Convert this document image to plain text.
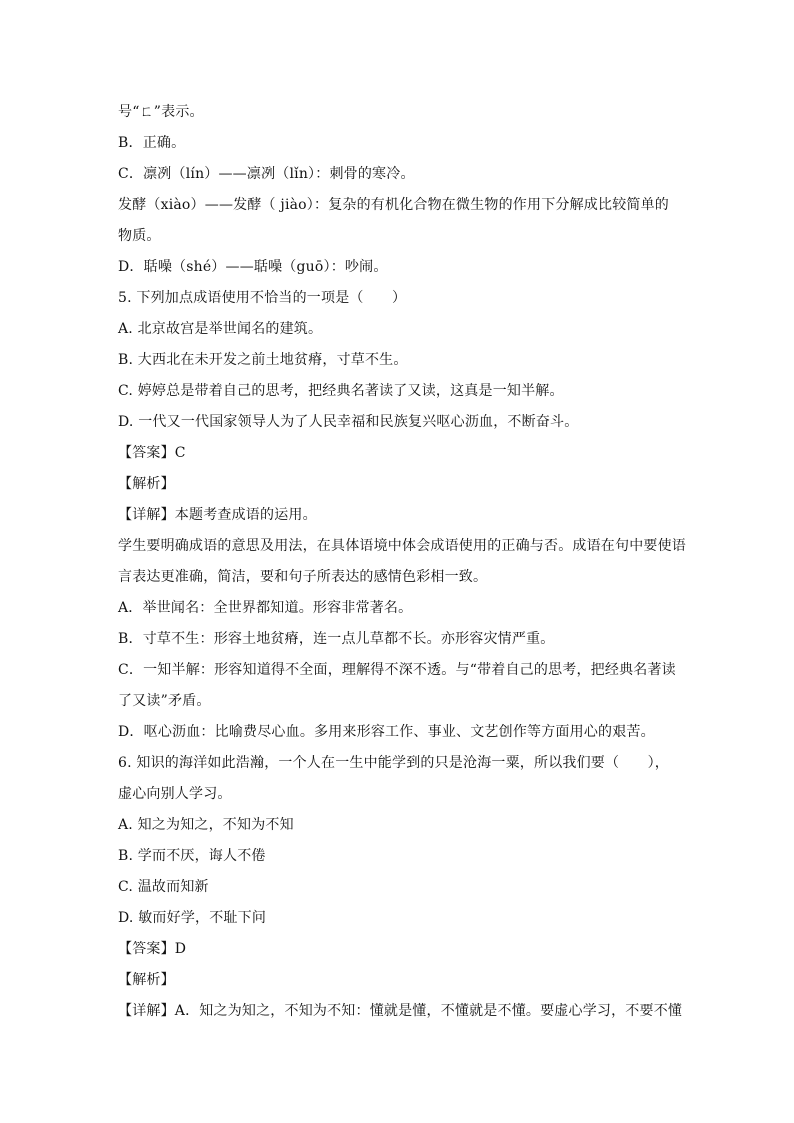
号“ㄈ”表示。
B．正确。
C．凛冽（lín）——凛冽（lǐn）：刺骨的寒冷。
发酵（xiào）——发酵（ jiào）：复杂的有机化合物在微生物的作用下分解成比较简单的
物质。
D．聒噪（shé）——聒噪（guō）：吵闹。
5. 下列加点成语使用不恰当的一项是（　　）
A. 北京故宫是举世闻名的建筑。
B. 大西北在未开发之前土地贫瘠，寸草不生。
C. 婷婷总是带着自己的思考，把经典名著读了又读，这真是一知半解。
D. 一代又一代国家领导人为了人民幸福和民族复兴呕心沥血，不断奋斗。
【答案】C
【解析】
【详解】本题考查成语的运用。
学生要明确成语的意思及用法，在具体语境中体会成语使用的正确与否。成语在句中要使语
言表达更准确，简洁，要和句子所表达的感情色彩相一致。
A．举世闻名：全世界都知道。形容非常著名。
B．寸草不生：形容土地贫瘠，连一点儿草都不长。亦形容灾情严重。
C．一知半解：形容知道得不全面，理解得不深不透。与“带着自己的思考，把经典名著读
了又读”矛盾。
D．呕心沥血：比喻费尽心血。多用来形容工作、事业、文艺创作等方面用心的艰苦。
6. 知识的海洋如此浩瀚，一个人在一生中能学到的只是沧海一粟，所以我们要（　　），
虚心向别人学习。
A. 知之为知之，不知为不知
B. 学而不厌，诲人不倦
C. 温故而知新
D. 敏而好学，不耻下问
【答案】D
【解析】
【详解】A．知之为知之，不知为不知：懂就是懂，不懂就是不懂。要虚心学习，不要不懂
